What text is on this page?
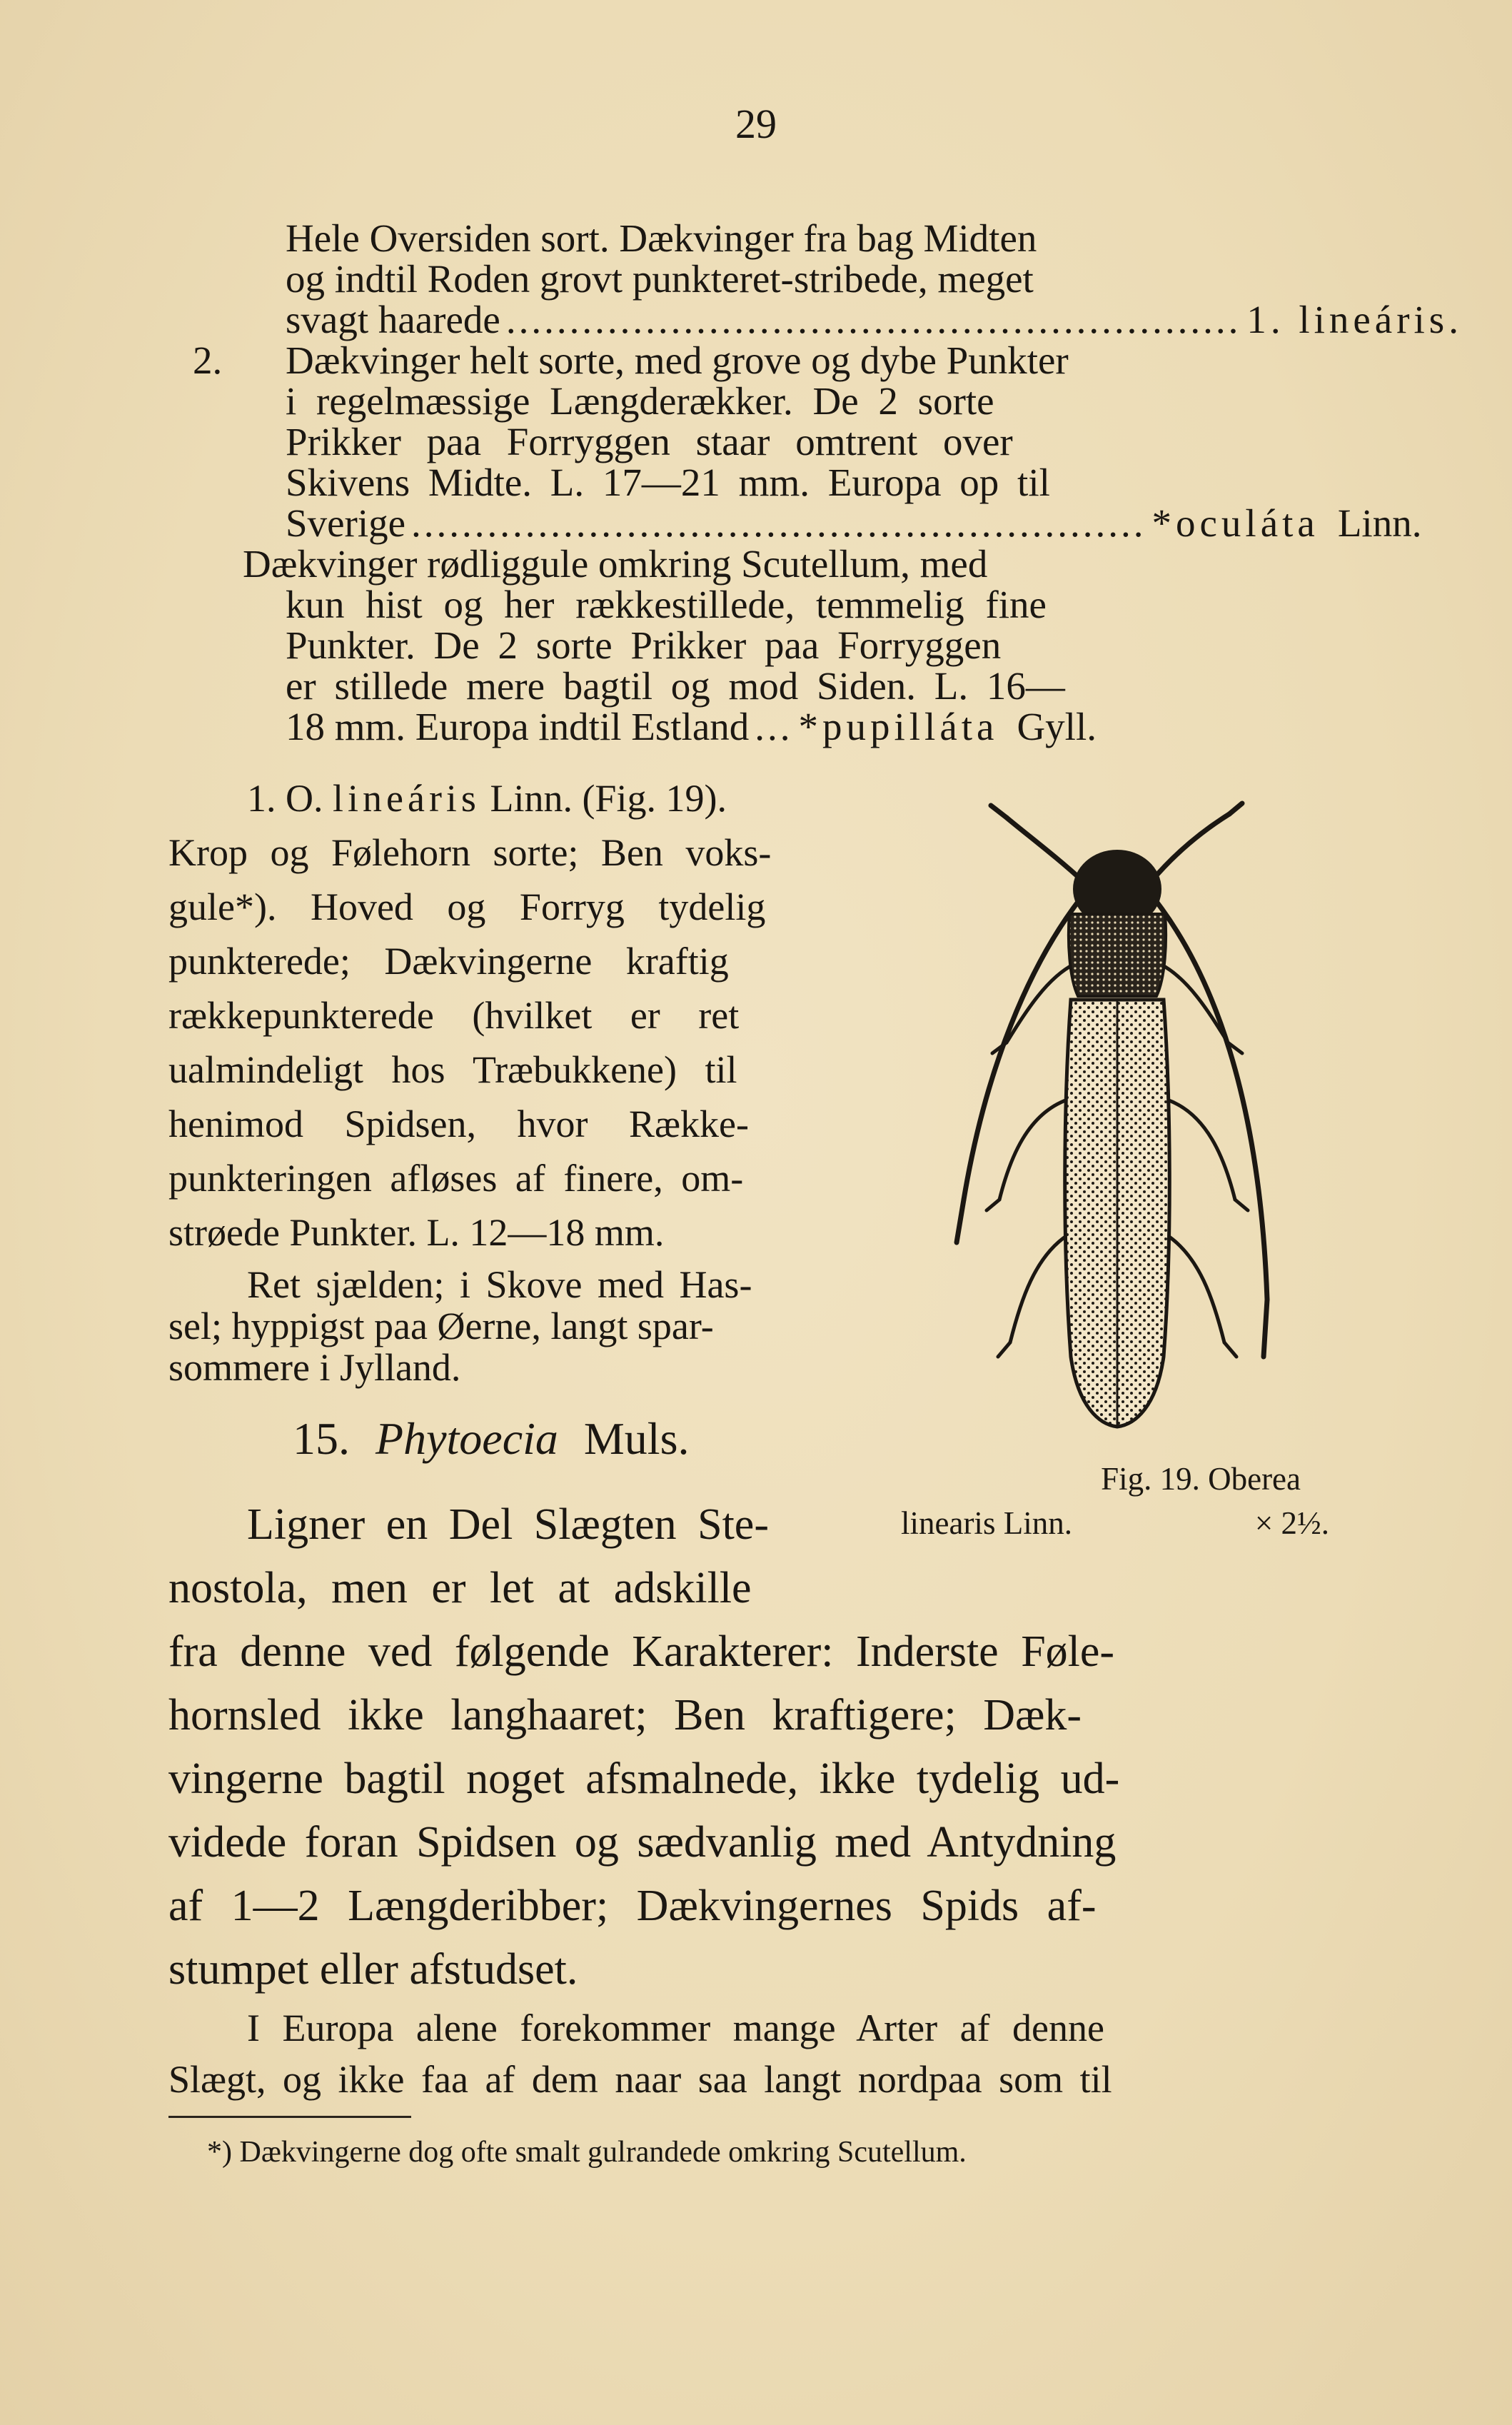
29
Hele Oversiden sort. Dækvinger fra bag Midten
og indtil Roden grovt punkteret-stribede, meget
svagt haarede .......................................................... 1. lineáris.
2. Dækvinger helt sorte, med grove og dybe Punkter
i regelmæssige Længderækker. De 2 sorte
Prikker paa Forryggen staar omtrent over
Skivens Midte. L. 17—21 mm. Europa op til
Sverige .......................................................... *oculáta Linn.
Dækvinger rødliggule omkring Scutellum, med
kun hist og her rækkestillede, temmelig fine
Punkter. De 2 sorte Prikker paa Forryggen
er stillede mere bagtil og mod Siden. L. 16—
18 mm. Europa indtil Estland ... *pupilláta Gyll.
1. O. lineáris Linn. (Fig. 19).
Krop og Følehorn sorte; Ben voks-
gule*). Hoved og Forryg tydelig
punkterede; Dækvingerne kraftig
rækkepunkterede (hvilket er ret
ualmindeligt hos Træbukkene) til
henimod Spidsen, hvor Række-
punkteringen afløses af finere, om-
strøede Punkter. L. 12—18 mm.
Ret sjælden; i Skove med Has-
sel; hyppigst paa Øerne, langt spar-
sommere i Jylland.
15. Phytoecia Muls.
Fig. 19. Oberea
linearis Linn.	× 2½.
Ligner en Del Slægten Ste-
nostola, men er let at adskille
fra denne ved følgende Karakterer: Inderste Føle-
hornsled ikke langhaaret; Ben kraftigere; Dæk-
vingerne bagtil noget afsmalnede, ikke tydelig ud-
videde foran Spidsen og sædvanlig med Antydning
af 1—2 Længderibber; Dækvingernes Spids af-
stumpet eller afstudset.
I Europa alene forekommer mange Arter af denne
Slægt, og ikke faa af dem naar saa langt nordpaa som til
*) Dækvingerne dog ofte smalt gulrandede omkring Scutellum.
